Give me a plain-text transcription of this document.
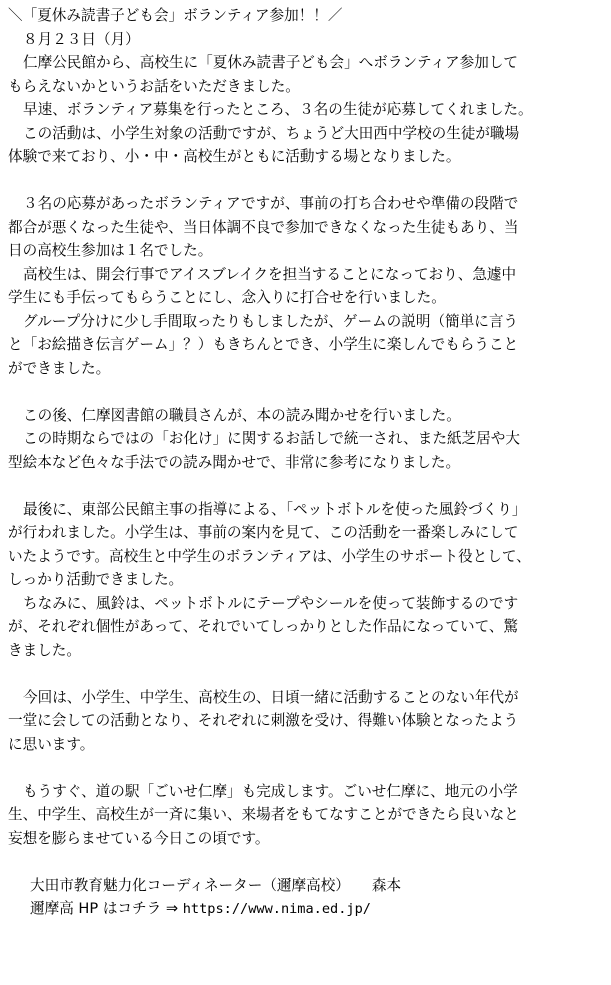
＼「夏休み読書子ども会」ボランティア参加！！／
８月２３日（月）
仁摩公民館から、高校生に「夏休み読書子ども会」へボランティア参加して
もらえないかというお話をいただきました。
早速、ボランティア募集を行ったところ、３名の生徒が応募してくれました。
この活動は、小学生対象の活動ですが、ちょうど大田西中学校の生徒が職場
体験で来ており、小・中・高校生がともに活動する場となりました。
３名の応募があったボランティアですが、事前の打ち合わせや準備の段階で
都合が悪くなった生徒や、当日体調不良で参加できなくなった生徒もあり、当
日の高校生参加は１名でした。
高校生は、開会行事でアイスブレイクを担当することになっており、急遽中
学生にも手伝ってもらうことにし、念入りに打合せを行いました。
グループ分けに少し手間取ったりもしましたが、ゲームの説明（簡単に言う
と「お絵描き伝言ゲーム」？）もきちんとでき、小学生に楽しんでもらうこと
ができました。
この後、仁摩図書館の職員さんが、本の読み聞かせを行いました。
この時期ならではの「お化け」に関するお話しで統一され、また紙芝居や大
型絵本など色々な手法での読み聞かせで、非常に参考になりました。
最後に、東部公民館主事の指導による、「ペットボトルを使った風鈴づくり」
が行われました。小学生は、事前の案内を見て、この活動を一番楽しみにして
いたようです。高校生と中学生のボランティアは、小学生のサポート役として、
しっかり活動できました。
ちなみに、風鈴は、ペットボトルにテープやシールを使って装飾するのです
が、それぞれ個性があって、それでいてしっかりとした作品になっていて、驚
きました。
今回は、小学生、中学生、高校生の、日頃一緒に活動することのない年代が
一堂に会しての活動となり、それぞれに刺激を受け、得難い体験となったよう
に思います。
もうすぐ、道の駅「ごいせ仁摩」も完成します。ごいせ仁摩に、地元の小学
生、中学生、高校生が一斉に集い、来場者をもてなすことができたら良いなと
妄想を膨らませている今日この頃です。
大田市教育魅力化コーディネーター（邇摩高校） 森本
邇摩高 HP はコチラ ⇒ https://www.nima.ed.jp/
